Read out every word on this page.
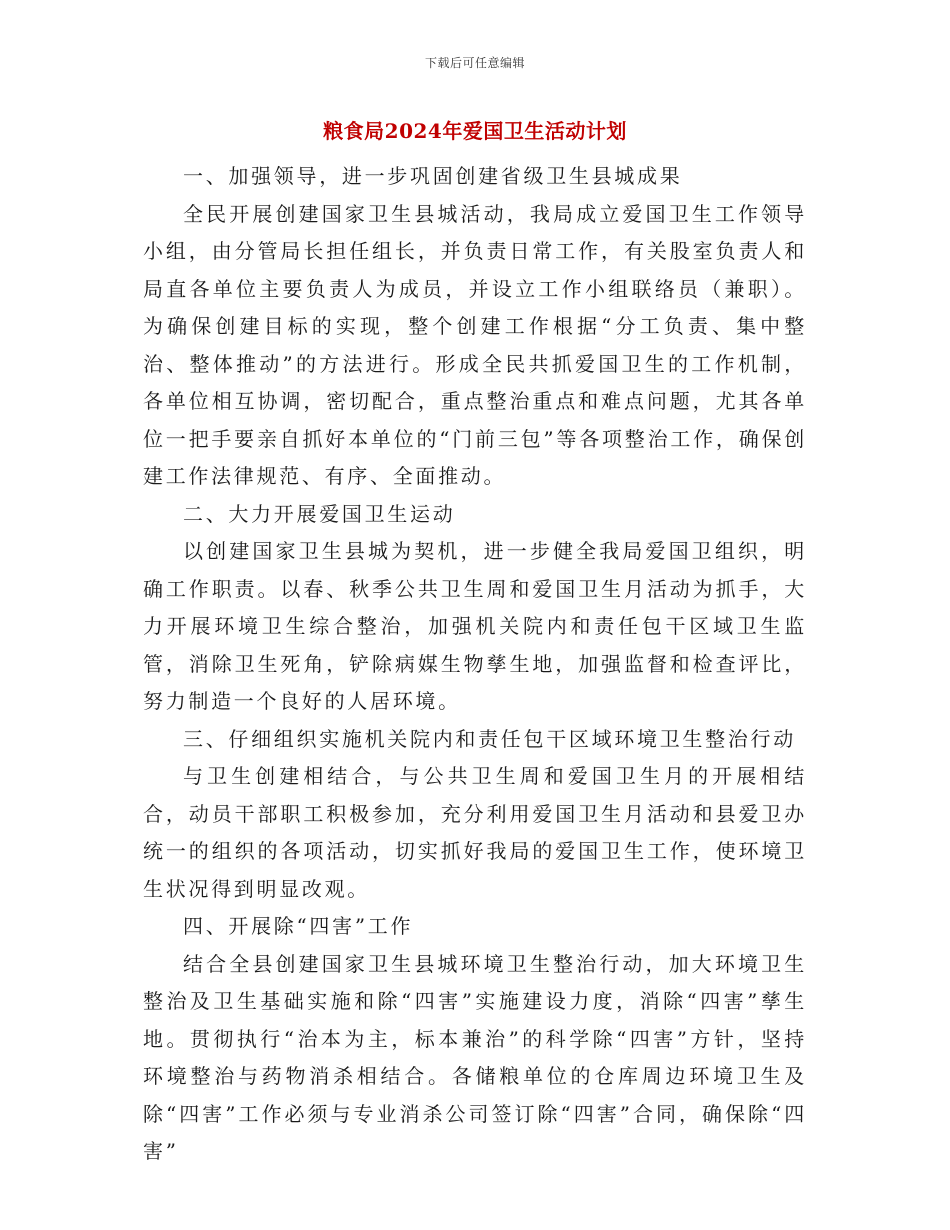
下载后可任意编辑
粮食局2024年爱国卫生活动计划

一、加强领导，进一步巩固创建省级卫生县城成果

全民开展创建国家卫生县城活动，我局成立爱国卫生工作领导小组，由分管局长担任组长，并负责日常工作，有关股室负责人和局直各单位主要负责人为成员，并设立工作小组联络员（兼职）。为确保创建目标的实现，整个创建工作根据“分工负责、集中整治、整体推动”的方法进行。形成全民共抓爱国卫生的工作机制，各单位相互协调，密切配合，重点整治重点和难点问题，尤其各单位一把手要亲自抓好本单位的“门前三包”等各项整治工作，确保创建工作法律规范、有序、全面推动。

二、大力开展爱国卫生运动

以创建国家卫生县城为契机，进一步健全我局爱国卫组织，明确工作职责。以春、秋季公共卫生周和爱国卫生月活动为抓手，大力开展环境卫生综合整治，加强机关院内和责任包干区域卫生监管，消除卫生死角，铲除病媒生物孳生地，加强监督和检查评比，努力制造一个良好的人居环境。

三、仔细组织实施机关院内和责任包干区域环境卫生整治行动

与卫生创建相结合，与公共卫生周和爱国卫生月的开展相结合，动员干部职工积极参加，充分利用爱国卫生月活动和县爱卫办统一的组织的各项活动，切实抓好我局的爱国卫生工作，使环境卫生状况得到明显改观。

四、开展除“四害”工作

结合全县创建国家卫生县城环境卫生整治行动，加大环境卫生整治及卫生基础实施和除“四害”实施建设力度，消除“四害”孳生地。贯彻执行“治本为主，标本兼治”的科学除“四害”方针，坚持环境整治与药物消杀相结合。各储粮单位的仓库周边环境卫生及除“四害”工作必须与专业消杀公司签订除“四害”合同，确保除“四害”
